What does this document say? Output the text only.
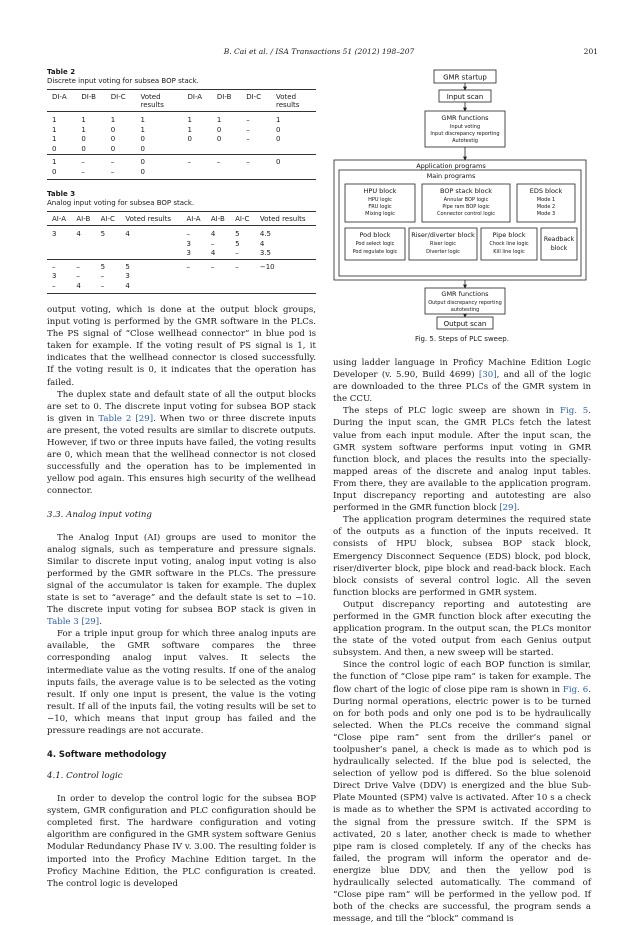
B. Cai et al. / ISA Transactions 51 (2012) 198–207	201
Table 2
Discrete input voting for subsea BOP stack.
DI-A	DI-B	DI-C	Voted results	DI-A	DI-B	DI-C	Voted results
1	1	1	1	1	1	–	1
1	1	0	1	1	0	–	0
1	0	0	0	0	0	–	0
0	0	0	0				
1	–	–	0	–	–	–	0
0	–	–	0				
Table 3
Analog input voting for subsea BOP stack.
AI-A	AI-B	AI-C	Voted results	AI-A	AI-B	AI-C	Voted results
3	4	5	4	–	4	5	4.5
				3	–	5	4
				3	4	–	3.5
–	–	5	5	–	–	–	−10
3	–	–	3				
–	4	–	4				

output voting, which is done at the output block groups, input voting is performed by the GMR software in the PLCs. The PS signal of “Close wellhead connector” in blue pod is taken for example. If the voting result of PS signal is 1, it indicates that the wellhead connector is closed successfully. If the voting result is 0, it indicates that the operation has failed.

The duplex state and default state of all the output blocks are set to 0. The discrete input voting for subsea BOP stack is given in Table 2 [29]. When two or three discrete inputs are present, the voted results are similar to discrete outputs. However, if two or three inputs have failed, the voting results are 0, which mean that the wellhead connector is not closed successfully and the operation has to be implemented in yellow pod again. This ensures high security of the wellhead connector.

3.3. Analog input voting

The Analog Input (AI) groups are used to monitor the analog signals, such as temperature and pressure signals. Similar to discrete input voting, analog input voting is also performed by the GMR software in the PLCs. The pressure signal of the accumulator is taken for example. The duplex state is set to “average” and the default state is set to −10. The discrete input voting for subsea BOP stack is given in Table 3 [29].

For a triple input group for which three analog inputs are available, the GMR software compares the three corresponding analog input valves. It selects the intermediate value as the voting results. If one of the analog inputs fails, the average value is to be selected as the voting result. If only one input is present, the value is the voting result. If all of the inputs fail, the voting results will be set to −10, which means that input group has failed and the pressure readings are not accurate.

4. Software methodology
4.1. Control logic

In order to develop the control logic for the subsea BOP system, GMR configuration and PLC configuration should be completed first. The hardware configuration and voting algorithm are configured in the GMR system software Genius Modular Redundancy Phase IV v. 3.00. The resulting folder is imported into the Proficy Machine Edition target. In the Proficy Machine Edition, the PLC configuration is created. The control logic is developed

GMR startup
Input scan
GMR functions
Input voting
Input discrepancy reporting
Autotestig
Application programs
Main programs
HPU block
HPU logic
FRU logic
Mixing logic
BOP stack block
Annular BOP logic
Pipe ram BOP logic
Connector control logic
EDS block
Mode 1
Mode 2
Mode 3
Pod block
Pod select logic
Pod regulate logic
Riser/diverter block
Riser logic
Diverter logic
Pipe block
Chock line logic
Kill line logic
Readback
block
GMR functions
Output discrepancy reporting
autotesting
Output scan
Fig. 5. Steps of PLC sweep.

using ladder language in Proficy Machine Edition Logic Developer (v. 5.90, Build 4699) [30], and all of the logic are downloaded to the three PLCs of the GMR system in the CCU.

The steps of PLC logic sweep are shown in Fig. 5. During the input scan, the GMR PLCs fetch the latest value from each input module. After the input scan, the GMR system software performs input voting in GMR function block, and places the results into the specially-mapped areas of the discrete and analog input tables. From there, they are available to the application program. Input discrepancy reporting and autotesting are also performed in the GMR function block [29].

The application program determines the required state of the outputs as a function of the inputs received. It consists of HPU block, subsea BOP stack block, Emergency Disconnect Sequence (EDS) block, pod block, riser/diverter block, pipe block and read-back block. Each block consists of several control logic. All the seven function blocks are performed in GMR system.

Output discrepancy reporting and autotesting are performed in the GMR function block after executing the application program. In the output scan, the PLCs monitor the state of the voted output from each Genius output subsystem. And then, a new sweep will be started.

Since the control logic of each BOP function is similar, the function of “Close pipe ram” is taken for example. The flow chart of the logic of close pipe ram is shown in Fig. 6. During normal operations, electric power is to be turned on for both pods and only one pod is to be hydraulically selected. When the PLCs receive the command signal “Close pipe ram” sent from the driller’s panel or toolpusher’s panel, a check is made as to which pod is hydraulically selected. If the blue pod is selected, the selection of yellow pod is differed. So the blue solenoid Direct Drive Valve (DDV) is energized and the blue Sub-Plate Mounted (SPM) valve is activated. After 10 s a check is made as to whether the SPM is activated according to the signal from the pressure switch. If the SPM is activated, 20 s later, another check is made to whether pipe ram is closed completely. If any of the checks has failed, the program will inform the operator and de-energize blue DDV, and then the yellow pod is hydraulically selected automatically. The command of “Close pipe ram” will be performed in the yellow pod. If both of the checks are successful, the program sends a message, and till the “block” command is
